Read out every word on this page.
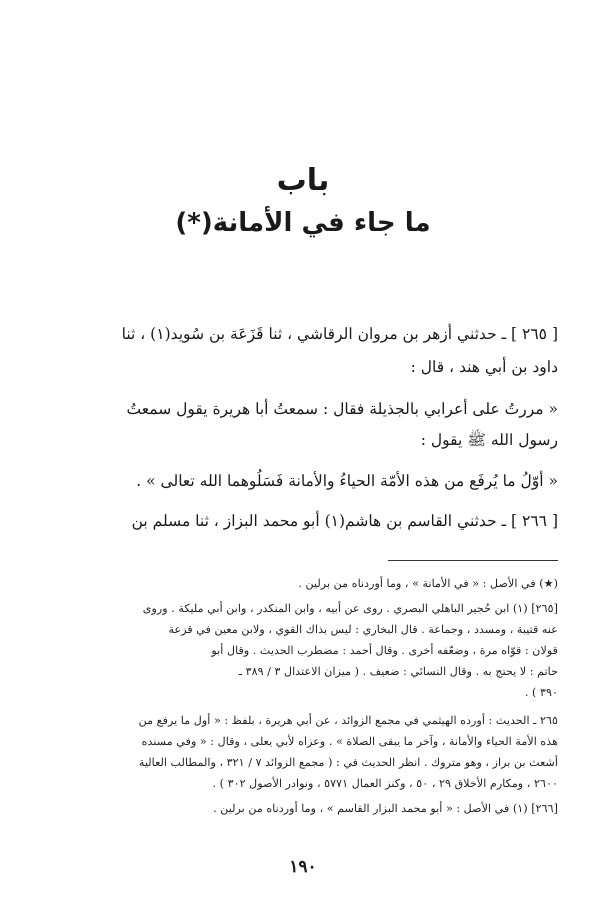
باب
ما جاء في الأمانة(*)
[ ٢٦٥ ] ـ حدثني أزهر بن مروان الرقاشي ، ثنا قَزَعَة بن سُويد(١) ، ثنا
داود بن أبي هند ، قال :
« مررتُ على أعرابي بالجذيلة فقال : سمعتُ أبا هريرة يقول سمعتُ
رسول الله ﷺ يقول :
« أوّلُ ما يُرفَع من هذه الأمّة الحياءُ والأمانة فَسَلُوهما الله تعالى » .
[ ٢٦٦ ] ـ حدثني القاسم بن هاشم(١) أبو محمد البزاز ، ثنا مسلم بن
(★) في الأصل : « في الأمانة » ، وما أوردناه من برلين .
[٢٦٥] (١) ابن حُجير الباهلي البصري . روى عن أبيه ، وابن المنكدر ، وابن أبي مليكة . وروى
عنه قتيبة ، ومسدد ، وجماعة . قال البخاري : ليس بذاك القوي ، ولابن معين في قزعة
قولان : قوّاه مرة ، وضعّفه أخرى . وقال أحمد : مضطرب الحديث . وقال أبو
حاتم : لا يحتج به . وقال النسائي : ضعيف . ( ميزان الاعتدال ٣ / ٣٨٩ ـ
٣٩٠ ) .
٢٦٥ ـ الحديث : أورده الهيثمي في مجمع الزوائد ، عن أبي هريرة ، بلفظ : « أول ما يرفع من
هذه الأمة الحياء والأمانة ، وآخر ما يبقى الصلاة » . وعزاه لأبي يعلى ، وقال : « وفي مسنده
أشعث بن براز ، وهو متروك . انظر الحديث في : ( مجمع الزوائد ٧ / ٣٢١ ، والمطالب العالية
٢٦٠٠ ، ومكارم الأخلاق ٢٩ ، ٥٠ ، وكنز العمال ٥٧٧١ ، ونوادر الأصول ٣٠٢ ) .
[٢٦٦] (١) في الأصل : « أبو محمد البزار القاسم » ، وما أوردناه من برلين .
١٩٠
